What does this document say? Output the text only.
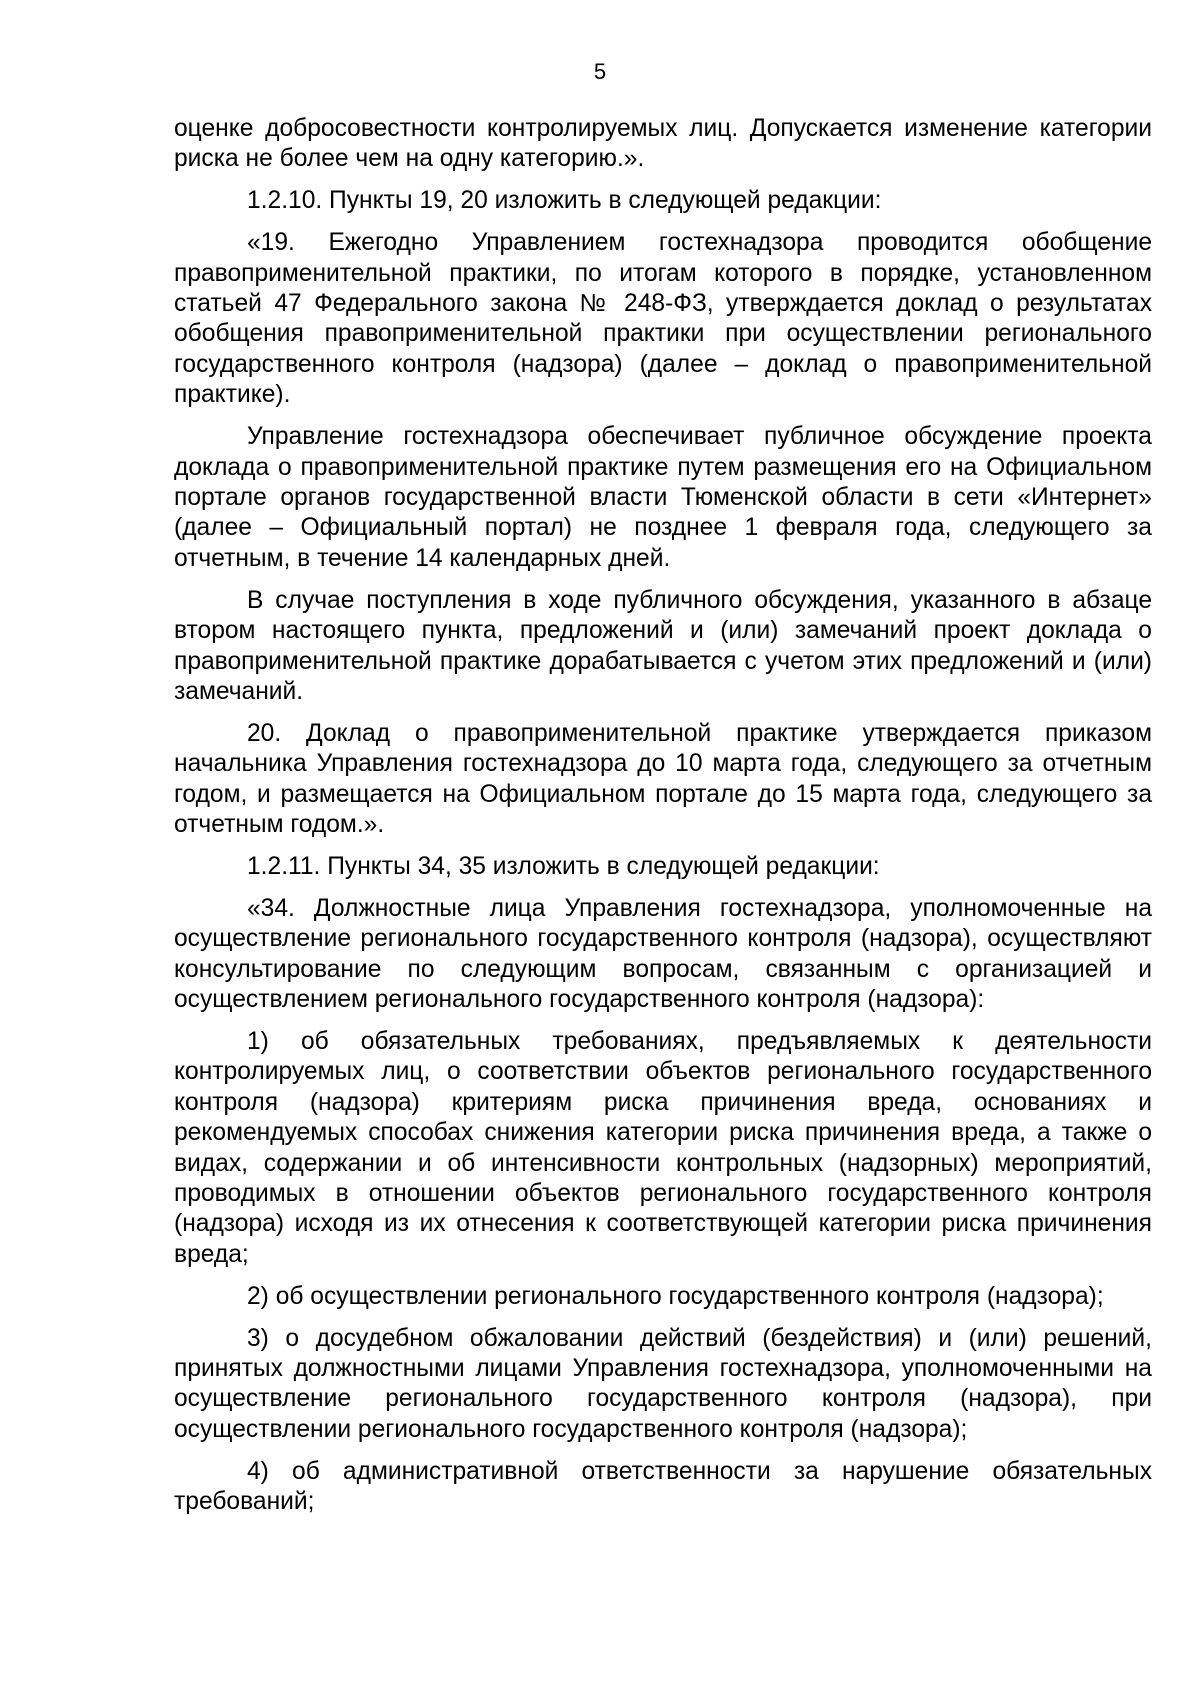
5

оценке добросовестности контролируемых лиц. Допускается изменение категории риска не более чем на одну категорию.».

1.2.10. Пункты 19, 20 изложить в следующей редакции:

«19. Ежегодно Управлением гостехнадзора проводится обобщение правоприменительной практики, по итогам которого в порядке, установленном статьей 47 Федерального закона № 248-ФЗ, утверждается доклад о результатах обобщения правоприменительной практики при осуществлении регионального государственного контроля (надзора) (далее – доклад о правоприменительной практике).

Управление гостехнадзора обеспечивает публичное обсуждение проекта доклада о правоприменительной практике путем размещения его на Официальном портале органов государственной власти Тюменской области в сети «Интернет» (далее – Официальный портал) не позднее 1 февраля года, следующего за отчетным, в течение 14 календарных дней.

В случае поступления в ходе публичного обсуждения, указанного в абзаце втором настоящего пункта, предложений и (или) замечаний проект доклада о правоприменительной практике дорабатывается с учетом этих предложений и (или) замечаний.

20. Доклад о правоприменительной практике утверждается приказом начальника Управления гостехнадзора до 10 марта года, следующего за отчетным годом, и размещается на Официальном портале до 15 марта года, следующего за отчетным годом.».

1.2.11. Пункты 34, 35 изложить в следующей редакции:

«34. Должностные лица Управления гостехнадзора, уполномоченные на осуществление регионального государственного контроля (надзора), осуществляют консультирование по следующим вопросам, связанным с организацией и осуществлением регионального государственного контроля (надзора):

1) об обязательных требованиях, предъявляемых к деятельности контролируемых лиц, о соответствии объектов регионального государственного контроля (надзора) критериям риска причинения вреда, основаниях и рекомендуемых способах снижения категории риска причинения вреда, а также о видах, содержании и об интенсивности контрольных (надзорных) мероприятий, проводимых в отношении объектов регионального государственного контроля (надзора) исходя из их отнесения к соответствующей категории риска причинения вреда;

2) об осуществлении регионального государственного контроля (надзора);

3) о досудебном обжаловании действий (бездействия) и (или) решений, принятых должностными лицами Управления гостехнадзора, уполномоченными на осуществление регионального государственного контроля (надзора), при осуществлении регионального государственного контроля (надзора);

4) об административной ответственности за нарушение обязательных требований;
